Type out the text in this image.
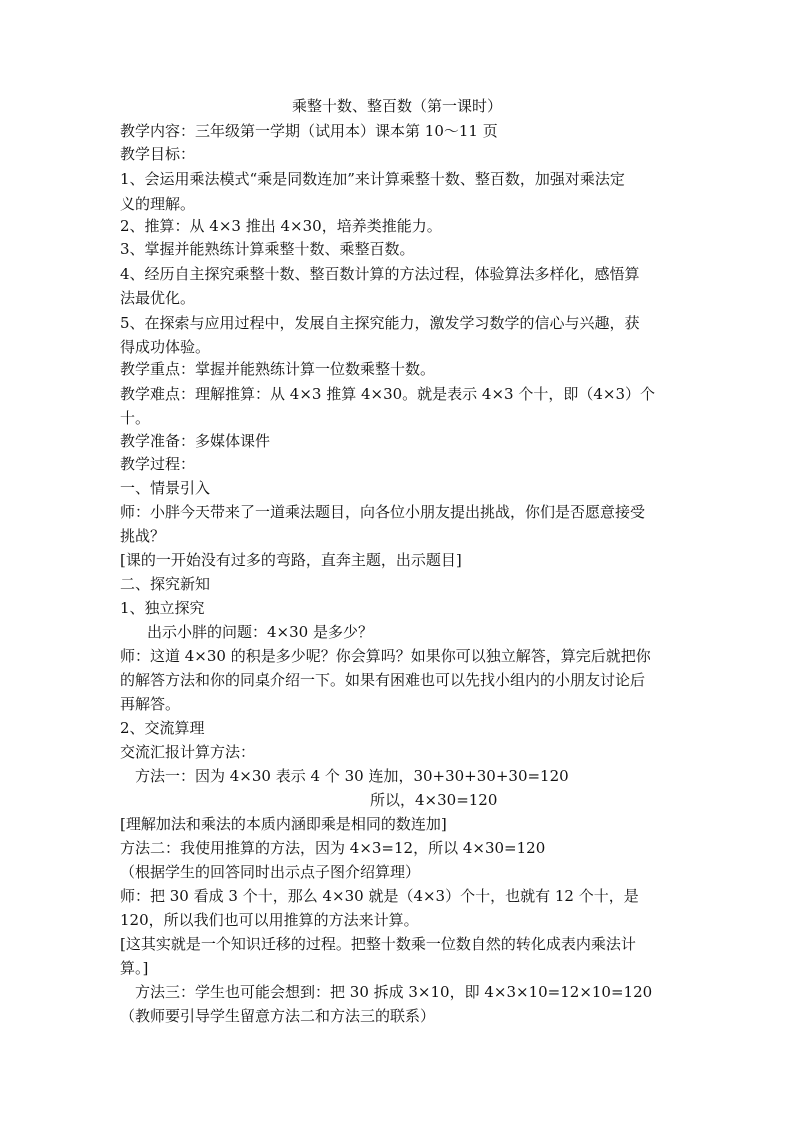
乘整十数、整百数（第一课时）
教学内容：三年级第一学期（试用本）课本第 10～11 页
教学目标：
1、会运用乘法模式“乘是同数连加”来计算乘整十数、整百数，加强对乘法定
义的理解。
2、推算：从 4×3 推出 4×30，培养类推能力。
3、掌握并能熟练计算乘整十数、乘整百数。
4、经历自主探究乘整十数、整百数计算的方法过程，体验算法多样化，感悟算
法最优化。
5、在探索与应用过程中，发展自主探究能力，激发学习数学的信心与兴趣，获
得成功体验。
教学重点：掌握并能熟练计算一位数乘整十数。
教学难点：理解推算：从 4×3 推算 4×30。就是表示 4×3 个十，即（4×3）个
十。
教学准备：多媒体课件
教学过程：
一、情景引入
师：小胖今天带来了一道乘法题目，向各位小朋友提出挑战，你们是否愿意接受
挑战？
[课的一开始没有过多的弯路，直奔主题，出示题目]
二、探究新知
1、独立探究
出示小胖的问题：4×30 是多少？
师：这道 4×30 的积是多少呢？你会算吗？如果你可以独立解答，算完后就把你
的解答方法和你的同桌介绍一下。如果有困难也可以先找小组内的小朋友讨论后
再解答。
2、交流算理
交流汇报计算方法：
方法一：因为 4×30 表示 4 个 30 连加，30+30+30+30=120
所以，4×30=120
[理解加法和乘法的本质内涵即乘是相同的数连加]
方法二：我使用推算的方法，因为 4×3=12，所以 4×30=120
（根据学生的回答同时出示点子图介绍算理）
师：把 30 看成 3 个十，那么 4×30 就是（4×3）个十，也就有 12 个十，是
120，所以我们也可以用推算的方法来计算。
[这其实就是一个知识迁移的过程。把整十数乘一位数自然的转化成表内乘法计
算。]
方法三：学生也可能会想到：把 30 拆成 3×10，即 4×3×10=12×10=120
（教师要引导学生留意方法二和方法三的联系）
